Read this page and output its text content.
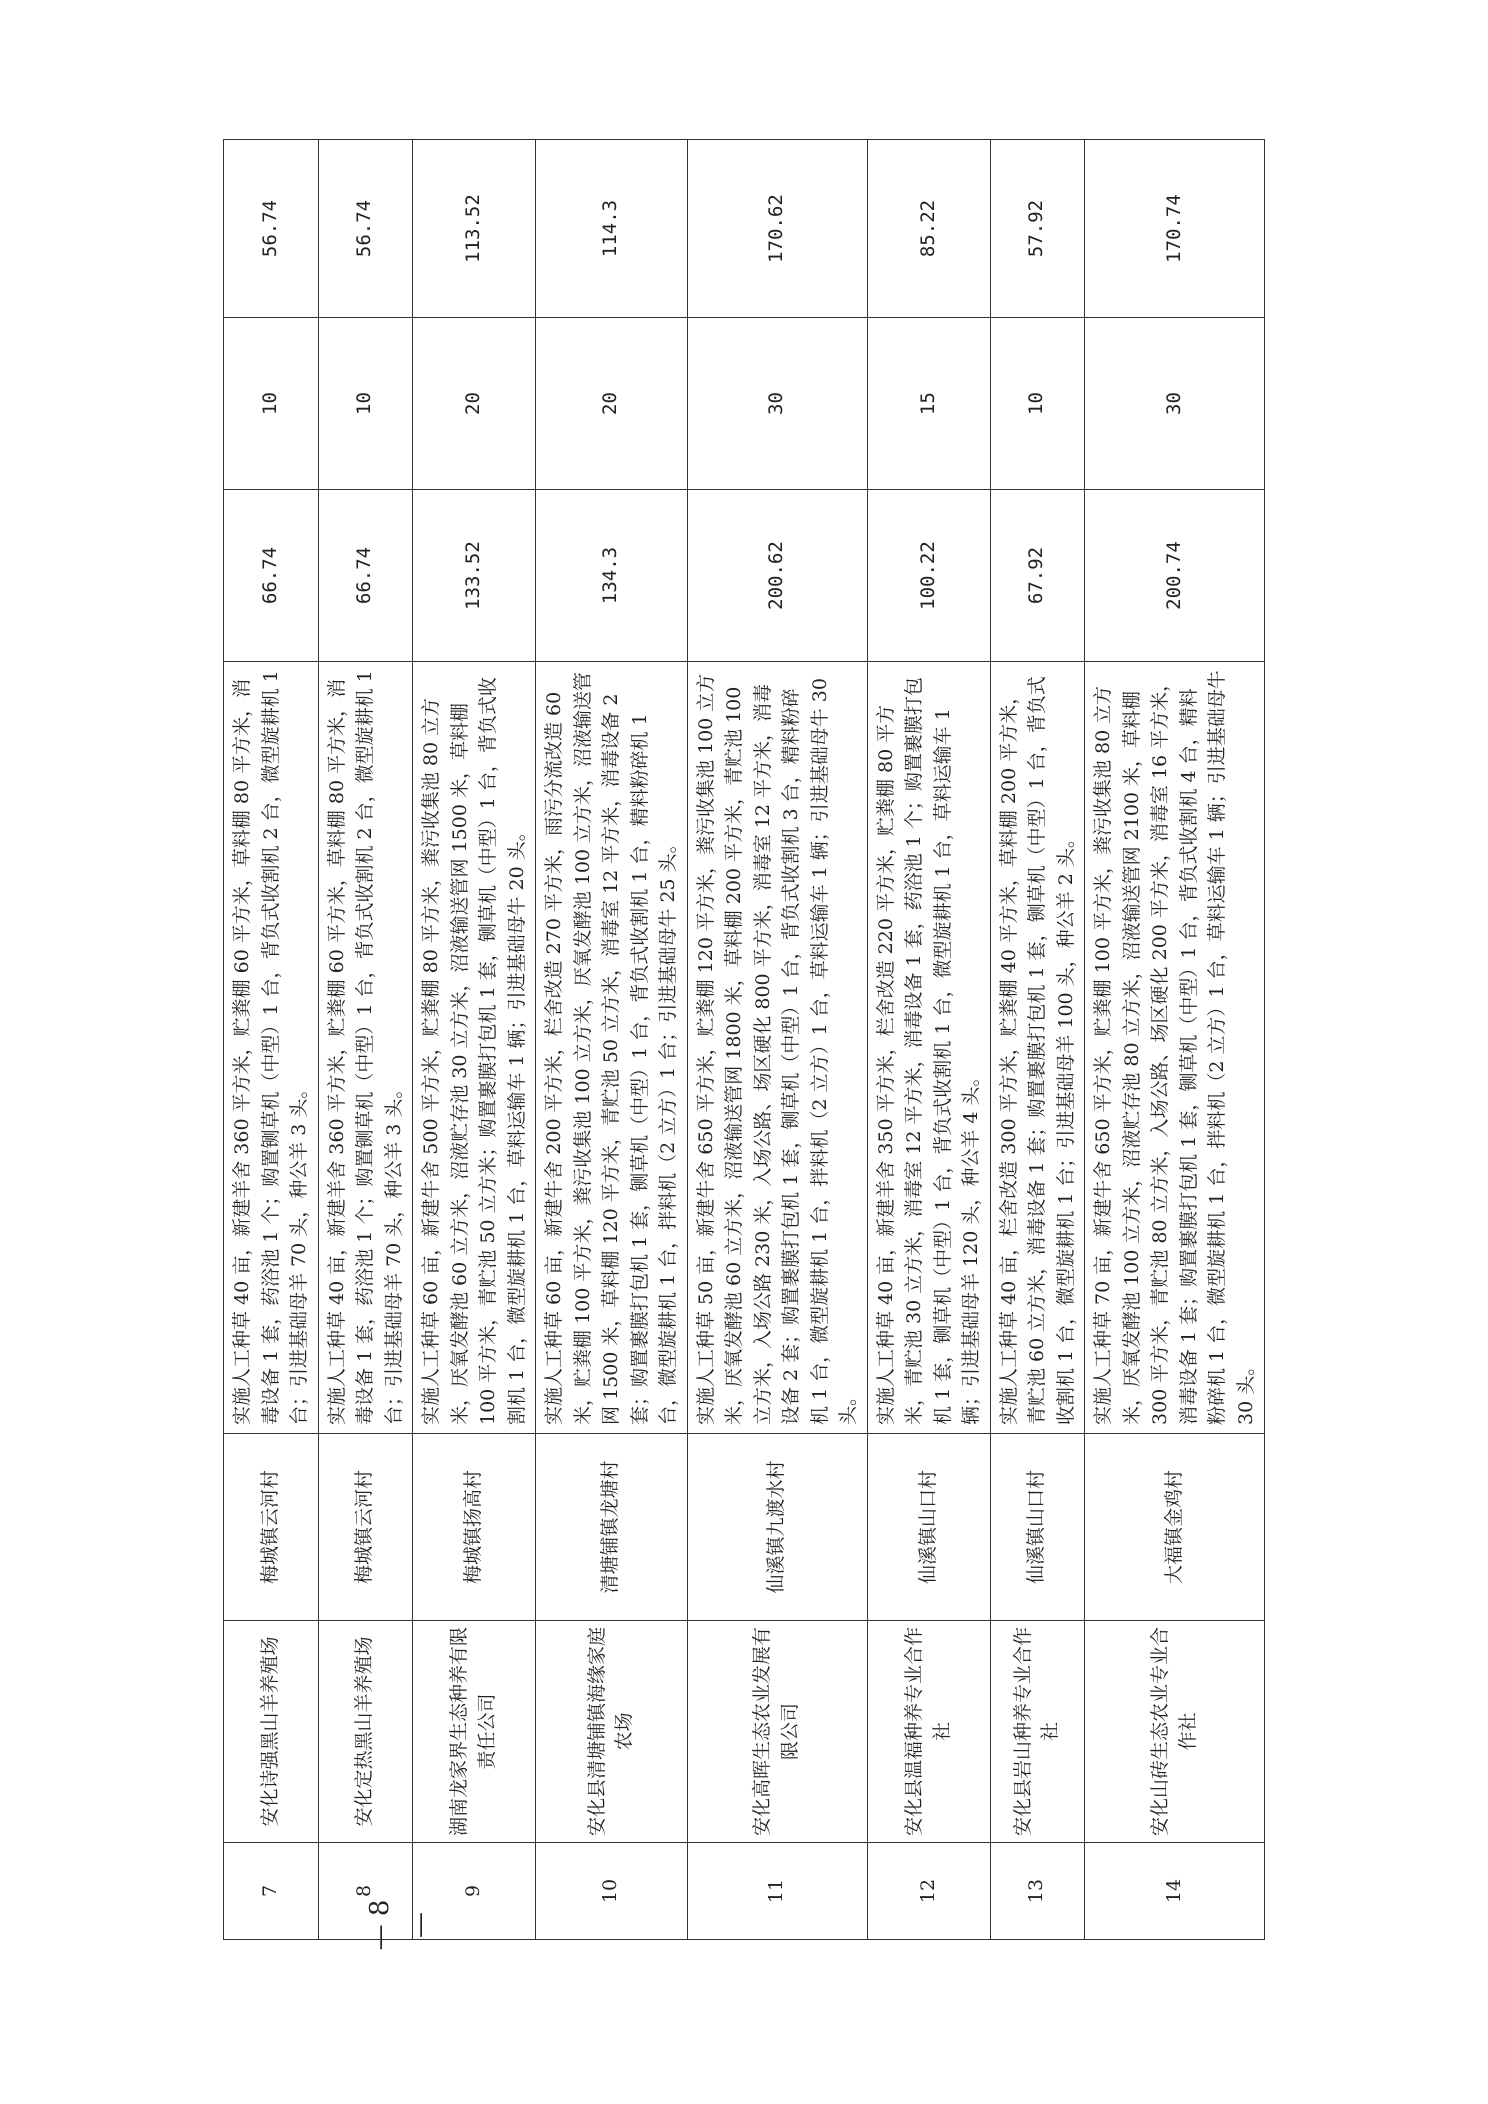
7	安化诗强黑山羊养殖场	梅城镇云河村	实施人工种草 40 亩，新建羊舍 360 平方米，贮粪棚 60 平方米，草料棚 80 平方米，消毒设备 1 套，药浴池 1 个；购置铡草机（中型）1 台，背负式收割机 2 台，微型旋耕机 1 台；引进基础母羊 70 头，种公羊 3 头。	66.74	10	56.74
8	安化定热黑山羊养殖场	梅城镇云河村	实施人工种草 40 亩，新建羊舍 360 平方米，贮粪棚 60 平方米，草料棚 80 平方米，消毒设备 1 套，药浴池 1 个；购置铡草机（中型）1 台，背负式收割机 2 台，微型旋耕机 1 台；引进基础母羊 70 头，种公羊 3 头。	66.74	10	56.74
9	湖南龙家界生态种养有限责任公司	梅城镇扬高村	实施人工种草 60 亩，新建牛舍 500 平方米，贮粪棚 80 平方米，粪污收集池 80 立方米，厌氧发酵池 60 立方米，沼液贮存池 30 立方米，沼液输送管网 1500 米，草料棚 100 平方米，青贮池 50 立方米；购置裹膜打包机 1 套，铡草机（中型）1 台，背负式收割机 1 台，微型旋耕机 1 台，草料运输车 1 辆；引进基础母牛 20 头。	133.52	20	113.52
10	安化县清塘铺镇海缘家庭农场	清塘铺镇龙塘村	实施人工种草 60 亩，新建牛舍 200 平方米，栏舍改造 270 平方米，雨污分流改造 60 米，贮粪棚 100 平方米，粪污收集池 100 立方米，厌氧发酵池 100 立方米，沼液输送管网 1500 米，草料棚 120 平方米，青贮池 50 立方米，消毒室 12 平方米，消毒设备 2 套；购置裹膜打包机 1 套，铡草机（中型）1 台，背负式收割机 1 台，精料粉碎机 1 台，微型旋耕机 1 台，拌料机（2 立方）1 台；引进基础母牛 25 头。	134.3	20	114.3
11	安化高晖生态农业发展有限公司	仙溪镇九渡水村	实施人工种草 50 亩，新建牛舍 650 平方米，贮粪棚 120 平方米，粪污收集池 100 立方米，厌氧发酵池 60 立方米，沼液输送管网 1800 米，草料棚 200 平方米，青贮池 100 立方米，入场公路 230 米，入场公路、场区硬化 800 平方米，消毒室 12 平方米，消毒设备 2 套；购置裹膜打包机 1 套，铡草机（中型）1 台，背负式收割机 3 台，精料粉碎机 1 台，微型旋耕机 1 台，拌料机（2 立方）1 台，草料运输车 1 辆；引进基础母牛 30 头。	200.62	30	170.62
12	安化县温福种养专业合作社	仙溪镇山口村	实施人工种草 40 亩，新建羊舍 350 平方米，栏舍改造 220 平方米，贮粪棚 80 平方米，青贮池 30 立方米，消毒室 12 平方米，消毒设备 1 套，药浴池 1 个；购置裹膜打包机 1 套，铡草机（中型）1 台，背负式收割机 1 台，微型旋耕机 1 台，草料运输车 1 辆；引进基础母羊 120 头，种公羊 4 头。	100.22	15	85.22
13	安化县岩山种养专业合作社	仙溪镇山口村	实施人工种草 40 亩，栏舍改造 300 平方米，贮粪棚 40 平方米，草料棚 200 平方米，青贮池 60 立方米，消毒设备 1 套；购置裹膜打包机 1 套，铡草机（中型）1 台，背负式收割机 1 台，微型旋耕机 1 台；引进基础母羊 100 头，种公羊 2 头。	67.92	10	57.92
14	安化山砖生态农业专业合作社	大福镇金鸡村	实施人工种草 70 亩，新建牛舍 650 平方米，贮粪棚 100 平方米，粪污收集池 80 立方米，厌氧发酵池 100 立方米，沼液贮存池 80 立方米，沼液输送管网 2100 米，草料棚 300 平方米，青贮池 80 立方米，入场公路、场区硬化 200 平方米，消毒室 16 平方米，消毒设备 1 套；购置裹膜打包机 1 套，铡草机（中型）1 台，背负式收割机 4 台，精料粉碎机 1 台，微型旋耕机 1 台，拌料机（2 立方）1 台，草料运输车 1 辆；引进基础母牛 30 头。	200.74	30	170.74
— 8 —
